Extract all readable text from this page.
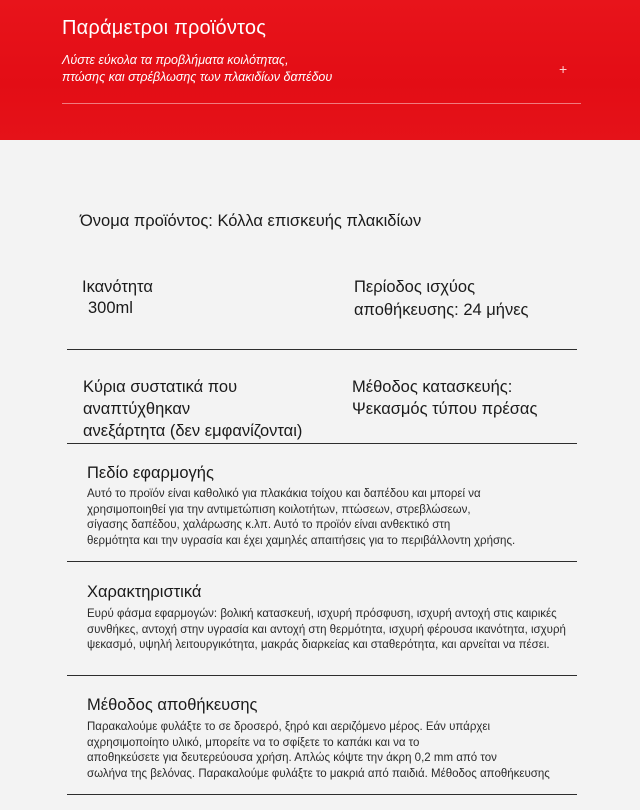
Παράμετροι προϊόντος
Λύστε εύκολα τα προβλήματα κοιλότητας,
πτώσης και στρέβλωσης των πλακιδίων δαπέδου	+
Όνομα προϊόντος: Κόλλα επισκευής πλακιδίων
Ικανότητα
300ml
Περίοδος ισχύος
αποθήκευσης: 24 μήνες
Κύρια συστατικά που
αναπτύχθηκαν
ανεξάρτητα (δεν εμφανίζονται)
Μέθοδος κατασκευής:
Ψεκασμός τύπου πρέσας
Πεδίο εφαρμογής
Αυτό το προϊόν είναι καθολικό για πλακάκια τοίχου και δαπέδου και μπορεί να
χρησιμοποιηθεί για την αντιμετώπιση κοιλοτήτων, πτώσεων, στρεβλώσεων,
σίγασης δαπέδου, χαλάρωσης κ.λπ. Αυτό το προϊόν είναι ανθεκτικό στη
θερμότητα και την υγρασία και έχει χαμηλές απαιτήσεις για το περιβάλλοντη χρήσης.
Χαρακτηριστικά
Ευρύ φάσμα εφαρμογών: βολική κατασκευή, ισχυρή πρόσφυση, ισχυρή αντοχή στις καιρικές
συνθήκες, αντοχή στην υγρασία και αντοχή στη θερμότητα, ισχυρή φέρουσα ικανότητα, ισχυρή
ψεκασμό, υψηλή λειτουργικότητα, μακράς διαρκείας και σταθερότητα, και αρνείται να πέσει.
Μέθοδος αποθήκευσης
Παρακαλούμε φυλάξτε το σε δροσερό, ξηρό και αεριζόμενο μέρος. Εάν υπάρχει
αχρησιμοποίητο υλικό, μπορείτε να το σφίξετε το καπάκι και να το
αποθηκεύσετε για δευτερεύουσα χρήση. Απλώς κόψτε την άκρη 0,2 mm από τον
σωλήνα της βελόνας. Παρακαλούμε φυλάξτε το μακριά από παιδιά. Μέθοδος αποθήκευσης
